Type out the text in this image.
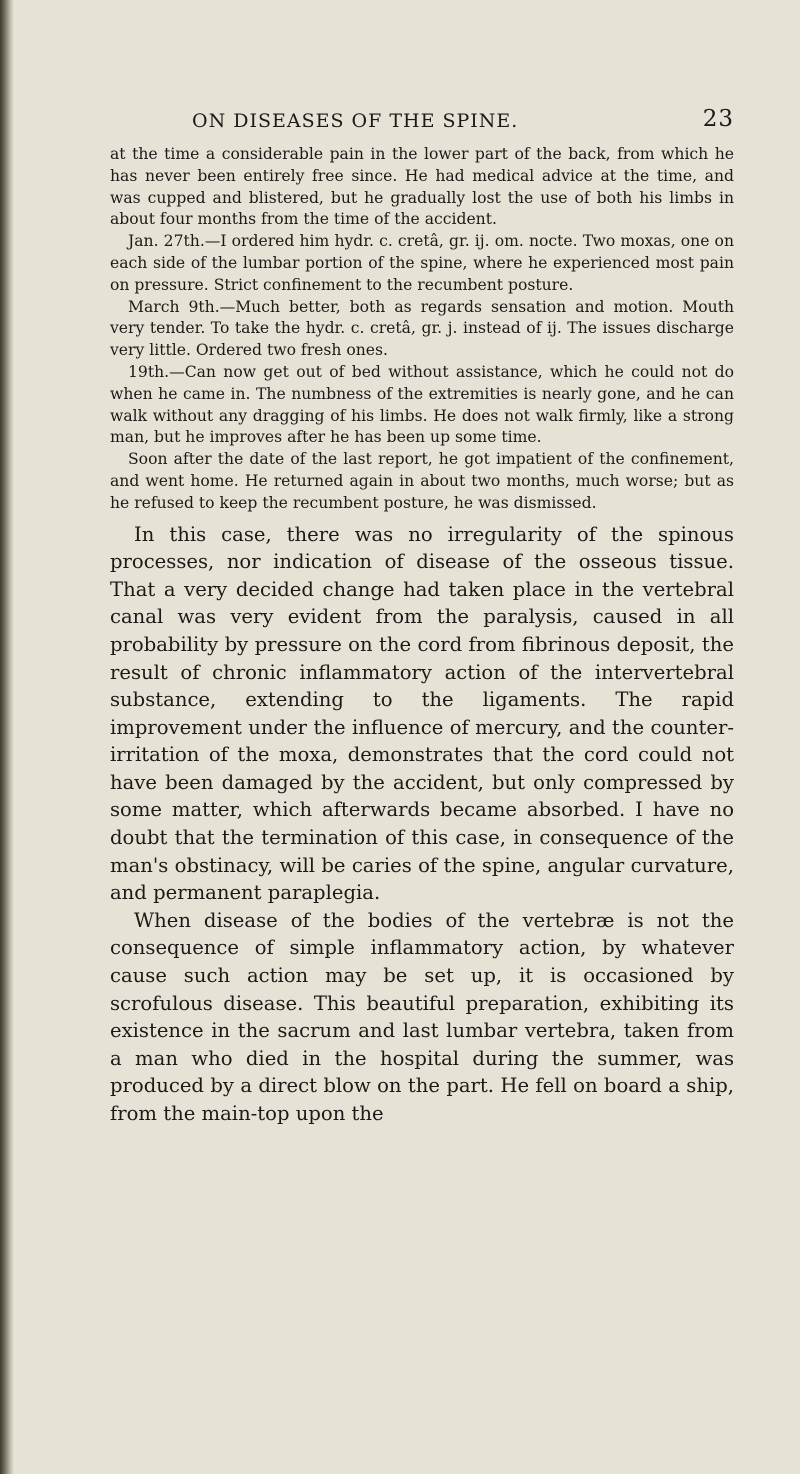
ON DISEASES OF THE SPINE.	23

at the time a considerable pain in the lower part of the back, from which he has never been entirely free since. He had medical advice at the time, and was cupped and blistered, but he gradually lost the use of both his limbs in about four months from the time of the accident.

Jan. 27th.—I ordered him hydr. c. cretâ, gr. ij. om. nocte. Two moxas, one on each side of the lumbar portion of the spine, where he experienced most pain on pressure. Strict confinement to the recumbent posture.

March 9th.—Much better, both as regards sensation and motion. Mouth very tender. To take the hydr. c. cretâ, gr. j. instead of ij. The issues discharge very little. Ordered two fresh ones.

19th.—Can now get out of bed without assistance, which he could not do when he came in. The numbness of the extremities is nearly gone, and he can walk without any dragging of his limbs. He does not walk firmly, like a strong man, but he improves after he has been up some time.

Soon after the date of the last report, he got impatient of the confinement, and went home. He returned again in about two months, much worse; but as he refused to keep the recumbent posture, he was dismissed.

In this case, there was no irregularity of the spinous processes, nor indication of disease of the osseous tissue. That a very decided change had taken place in the vertebral canal was very evident from the paralysis, caused in all probability by pressure on the cord from fibrinous deposit, the result of chronic inflammatory action of the intervertebral substance, extending to the ligaments. The rapid improvement under the influence of mercury, and the counter-irritation of the moxa, demonstrates that the cord could not have been damaged by the accident, but only compressed by some matter, which afterwards became absorbed. I have no doubt that the termination of this case, in consequence of the man's obstinacy, will be caries of the spine, angular curvature, and permanent paraplegia.

When disease of the bodies of the vertebræ is not the consequence of simple inflammatory action, by whatever cause such action may be set up, it is occasioned by scrofulous disease. This beautiful preparation, exhibiting its existence in the sacrum and last lumbar vertebra, taken from a man who died in the hospital during the summer, was produced by a direct blow on the part. He fell on board a ship, from the main-top upon the
